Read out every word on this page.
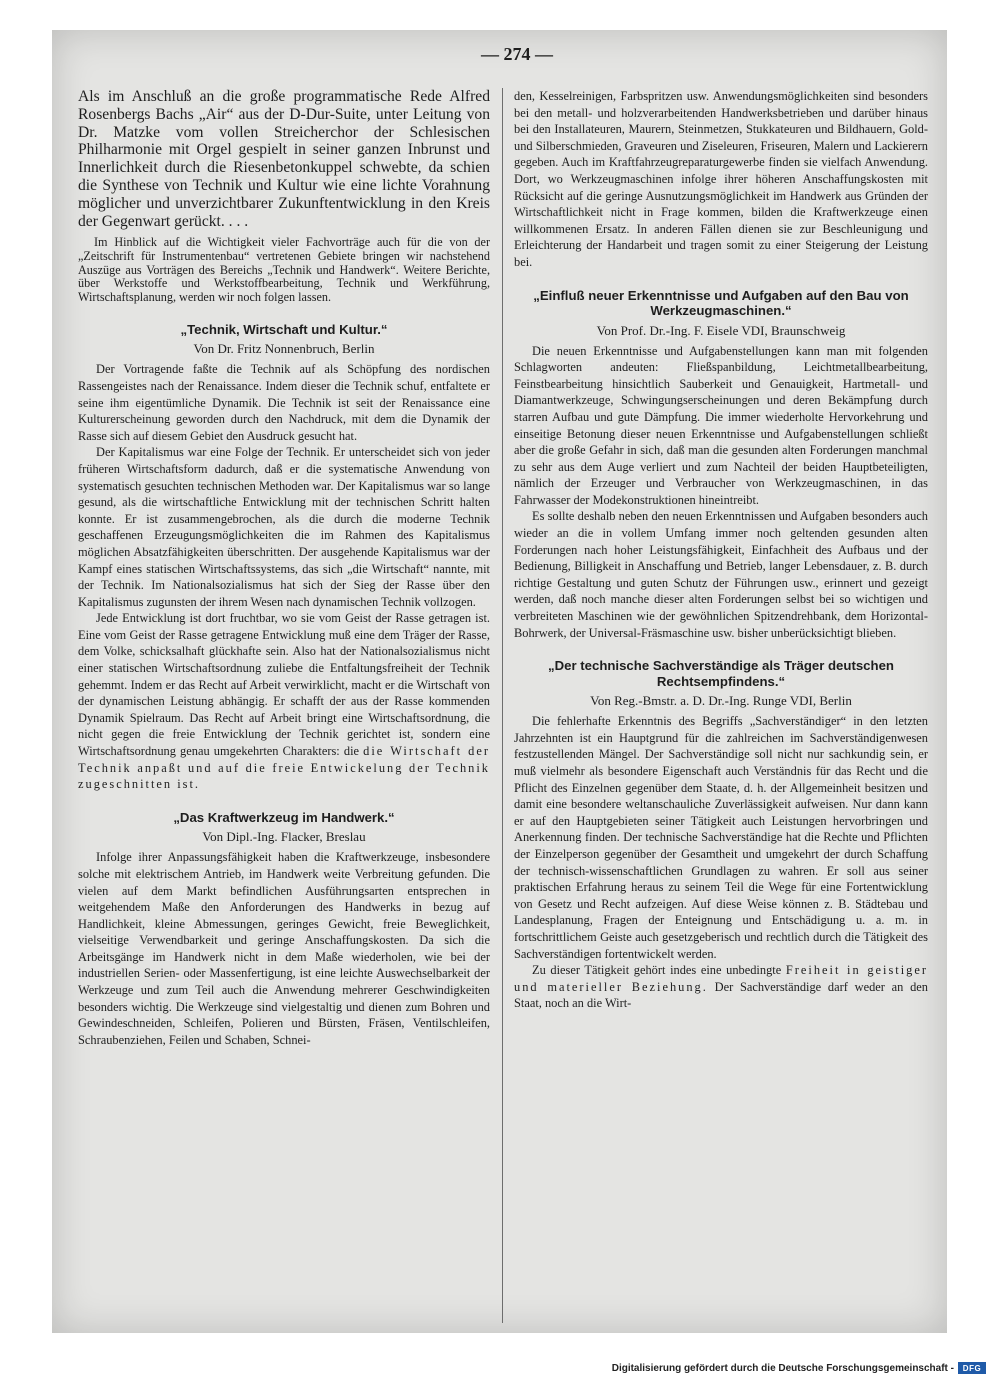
— 274 —

Als im Anschluß an die große programmatische Rede Alfred Rosenbergs Bachs „Air“ aus der D-Dur-Suite, unter Leitung von Dr. Matzke vom vollen Streicherchor der Schlesischen Philharmonie mit Orgel gespielt in seiner ganzen Inbrunst und Innerlichkeit durch die Riesenbetonkuppel schwebte, da schien die Synthese von Technik und Kultur wie eine lichte Vorahnung möglicher und unverzichtbarer Zukunftentwicklung in den Kreis der Gegenwart gerückt. . . .

Im Hinblick auf die Wichtigkeit vieler Fachvorträge auch für die von der „Zeitschrift für Instrumentenbau“ vertretenen Gebiete bringen wir nachstehend Auszüge aus Vorträgen des Bereichs „Technik und Handwerk“. Weitere Berichte, über Werkstoffe und Werkstoffbearbeitung, Technik und Werkführung, Wirtschaftsplanung, werden wir noch folgen lassen.

„Technik, Wirtschaft und Kultur.“
Von Dr. Fritz Nonnenbruch, Berlin

Der Vortragende faßte die Technik auf als Schöpfung des nordischen Rassengeistes nach der Renaissance. Indem dieser die Technik schuf, entfaltete er seine ihm eigentümliche Dynamik. Die Technik ist seit der Renaissance eine Kulturerscheinung geworden durch den Nachdruck, mit dem die Dynamik der Rasse sich auf diesem Gebiet den Ausdruck gesucht hat.

Der Kapitalismus war eine Folge der Technik. Er unterscheidet sich von jeder früheren Wirtschaftsform dadurch, daß er die systematische Anwendung von systematisch gesuchten technischen Methoden war. Der Kapitalismus war so lange gesund, als die wirtschaftliche Entwicklung mit der technischen Schritt halten konnte. Er ist zusammengebrochen, als die durch die moderne Technik geschaffenen Erzeugungsmöglichkeiten die im Rahmen des Kapitalismus möglichen Absatzfähigkeiten überschritten. Der ausgehende Kapitalismus war der Kampf eines statischen Wirtschaftssystems, das sich „die Wirtschaft“ nannte, mit der Technik. Im Nationalsozialismus hat sich der Sieg der Rasse über den Kapitalismus zugunsten der ihrem Wesen nach dynamischen Technik vollzogen.

Jede Entwicklung ist dort fruchtbar, wo sie vom Geist der Rasse getragen ist. Eine vom Geist der Rasse getragene Entwicklung muß eine dem Träger der Rasse, dem Volke, schicksalhaft glückhafte sein. Also hat der Nationalsozialismus nicht einer statischen Wirtschaftsordnung zuliebe die Entfaltungsfreiheit der Technik gehemmt. Indem er das Recht auf Arbeit verwirklicht, macht er die Wirtschaft von der dynamischen Leistung abhängig. Er schafft der aus der Rasse kommenden Dynamik Spielraum. Das Recht auf Arbeit bringt eine Wirtschaftsordnung, die nicht gegen die freie Entwicklung der Technik gerichtet ist, sondern eine Wirtschaftsordnung genau umgekehrten Charakters: die die Wirtschaft der Technik anpaßt und auf die freie Entwickelung der Technik zugeschnitten ist.

„Das Kraftwerkzeug im Handwerk.“
Von Dipl.-Ing. Flacker, Breslau

Infolge ihrer Anpassungsfähigkeit haben die Kraftwerkzeuge, insbesondere solche mit elektrischem Antrieb, im Handwerk weite Verbreitung gefunden. Die vielen auf dem Markt befindlichen Ausführungsarten entsprechen in weitgehendem Maße den Anforderungen des Handwerks in bezug auf Handlichkeit, kleine Abmessungen, geringes Gewicht, freie Beweglichkeit, vielseitige Verwendbarkeit und geringe Anschaffungskosten. Da sich die Arbeitsgänge im Handwerk nicht in dem Maße wiederholen, wie bei der industriellen Serien- oder Massenfertigung, ist eine leichte Auswechselbarkeit der Werkzeuge und zum Teil auch die Anwendung mehrerer Geschwindigkeiten besonders wichtig. Die Werkzeuge sind vielgestaltig und dienen zum Bohren und Gewindeschneiden, Schleifen, Polieren und Bürsten, Fräsen, Ventilschleifen, Schraubenziehen, Feilen und Schaben, Schnei-

den, Kesselreinigen, Farbspritzen usw. Anwendungsmöglichkeiten sind besonders bei den metall- und holzverarbeitenden Handwerksbetrieben und darüber hinaus bei den Installateuren, Maurern, Steinmetzen, Stukkateuren und Bildhauern, Gold- und Silberschmieden, Graveuren und Ziseleuren, Friseuren, Malern und Lackierern gegeben. Auch im Kraftfahrzeugreparaturgewerbe finden sie vielfach Anwendung. Dort, wo Werkzeugmaschinen infolge ihrer höheren Anschaffungskosten mit Rücksicht auf die geringe Ausnutzungsmöglichkeit im Handwerk aus Gründen der Wirtschaftlichkeit nicht in Frage kommen, bilden die Kraftwerkzeuge einen willkommenen Ersatz. In anderen Fällen dienen sie zur Beschleunigung und Erleichterung der Handarbeit und tragen somit zu einer Steigerung der Leistung bei.

„Einfluß neuer Erkenntnisse und Aufgaben auf den Bau von Werkzeugmaschinen.“
Von Prof. Dr.-Ing. F. Eisele VDI, Braunschweig

Die neuen Erkenntnisse und Aufgabenstellungen kann man mit folgenden Schlagworten andeuten: Fließspanbildung, Leichtmetallbearbeitung, Feinstbearbeitung hinsichtlich Sauberkeit und Genauigkeit, Hartmetall- und Diamantwerkzeuge, Schwingungserscheinungen und deren Bekämpfung durch starren Aufbau und gute Dämpfung. Die immer wiederholte Hervorkehrung und einseitige Betonung dieser neuen Erkenntnisse und Aufgabenstellungen schließt aber die große Gefahr in sich, daß man die gesunden alten Forderungen manchmal zu sehr aus dem Auge verliert und zum Nachteil der beiden Hauptbeteiligten, nämlich der Erzeuger und Verbraucher von Werkzeugmaschinen, in das Fahrwasser der Modekonstruktionen hineintreibt.

Es sollte deshalb neben den neuen Erkenntnissen und Aufgaben besonders auch wieder an die in vollem Umfang immer noch geltenden gesunden alten Forderungen nach hoher Leistungsfähigkeit, Einfachheit des Aufbaus und der Bedienung, Billigkeit in Anschaffung und Betrieb, langer Lebensdauer, z. B. durch richtige Gestaltung und guten Schutz der Führungen usw., erinnert und gezeigt werden, daß noch manche dieser alten Forderungen selbst bei so wichtigen und verbreiteten Maschinen wie der gewöhnlichen Spitzendrehbank, dem Horizontal-Bohrwerk, der Universal-Fräsmaschine usw. bisher unberücksichtigt blieben.

„Der technische Sachverständige als Träger deutschen Rechtsempfindens.“
Von Reg.-Bmstr. a. D. Dr.-Ing. Runge VDI, Berlin

Die fehlerhafte Erkenntnis des Begriffs „Sachverständiger“ in den letzten Jahrzehnten ist ein Hauptgrund für die zahlreichen im Sachverständigenwesen festzustellenden Mängel. Der Sachverständige soll nicht nur sachkundig sein, er muß vielmehr als besondere Eigenschaft auch Verständnis für das Recht und die Pflicht des Einzelnen gegenüber dem Staate, d. h. der Allgemeinheit besitzen und damit eine besondere weltanschauliche Zuverlässigkeit aufweisen. Nur dann kann er auf den Hauptgebieten seiner Tätigkeit auch Leistungen hervorbringen und Anerkennung finden. Der technische Sachverständige hat die Rechte und Pflichten der Einzelperson gegenüber der Gesamtheit und umgekehrt der durch Schaffung der technisch-wissenschaftlichen Grundlagen zu wahren. Er soll aus seiner praktischen Erfahrung heraus zu seinem Teil die Wege für eine Fortentwicklung von Gesetz und Recht aufzeigen. Auf diese Weise können z. B. Städtebau und Landesplanung, Fragen der Enteignung und Entschädigung u. a. m. in fortschrittlichem Geiste auch gesetzgeberisch und rechtlich durch die Tätigkeit des Sachverständigen fortentwickelt werden.

Zu dieser Tätigkeit gehört indes eine unbedingte Freiheit in geistiger und materieller Beziehung. Der Sachverständige darf weder an den Staat, noch an die Wirt-

Digitalisierung gefördert durch die Deutsche Forschungsgemeinschaft -	DFG
